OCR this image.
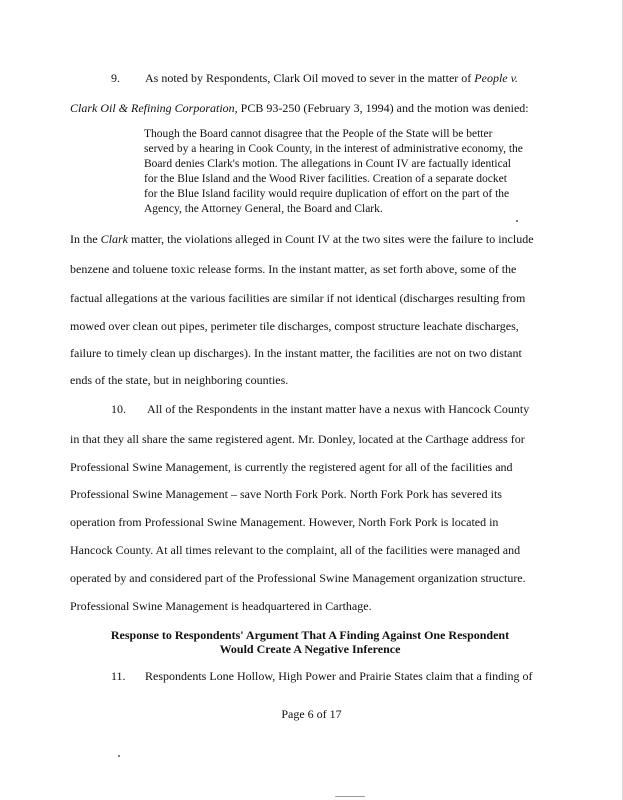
9. As noted by Respondents, Clark Oil moved to sever in the matter of People v.
Clark Oil & Refining Corporation, PCB 93-250 (February 3, 1994) and the motion was denied:

Though the Board cannot disagree that the People of the State will be better

served by a hearing in Cook County, in the interest of administrative economy, the

Board denies Clark's motion. The allegations in Count IV are factually identical

for the Blue Island and the Wood River facilities. Creation of a separate docket

for the Blue Island facility would require duplication of effort on the part of the

Agency, the Attorney General, the Board and Clark.

In the Clark matter, the violations alleged in Count IV at the two sites were the failure to include
benzene and toluene toxic release forms. In the instant matter, as set forth above, some of the
factual allegations at the various facilities are similar if not identical (discharges resulting from
mowed over clean out pipes, perimeter tile discharges, compost structure leachate discharges,
failure to timely clean up discharges). In the instant matter, the facilities are not on two distant
ends of the state, but in neighboring counties.
10. All of the Respondents in the instant matter have a nexus with Hancock County
in that they all share the same registered agent. Mr. Donley, located at the Carthage address for
Professional Swine Management, is currently the registered agent for all of the facilities and
Professional Swine Management – save North Fork Pork. North Fork Pork has severed its
operation from Professional Swine Management. However, North Fork Pork is located in
Hancock County. At all times relevant to the complaint, all of the facilities were managed and
operated by and considered part of the Professional Swine Management organization structure.
Professional Swine Management is headquartered in Carthage.
Response to Respondents' Argument That A Finding Against One Respondent
Would Create A Negative Inference
11. Respondents Lone Hollow, High Power and Prairie States claim that a finding of
Page 6 of 17
